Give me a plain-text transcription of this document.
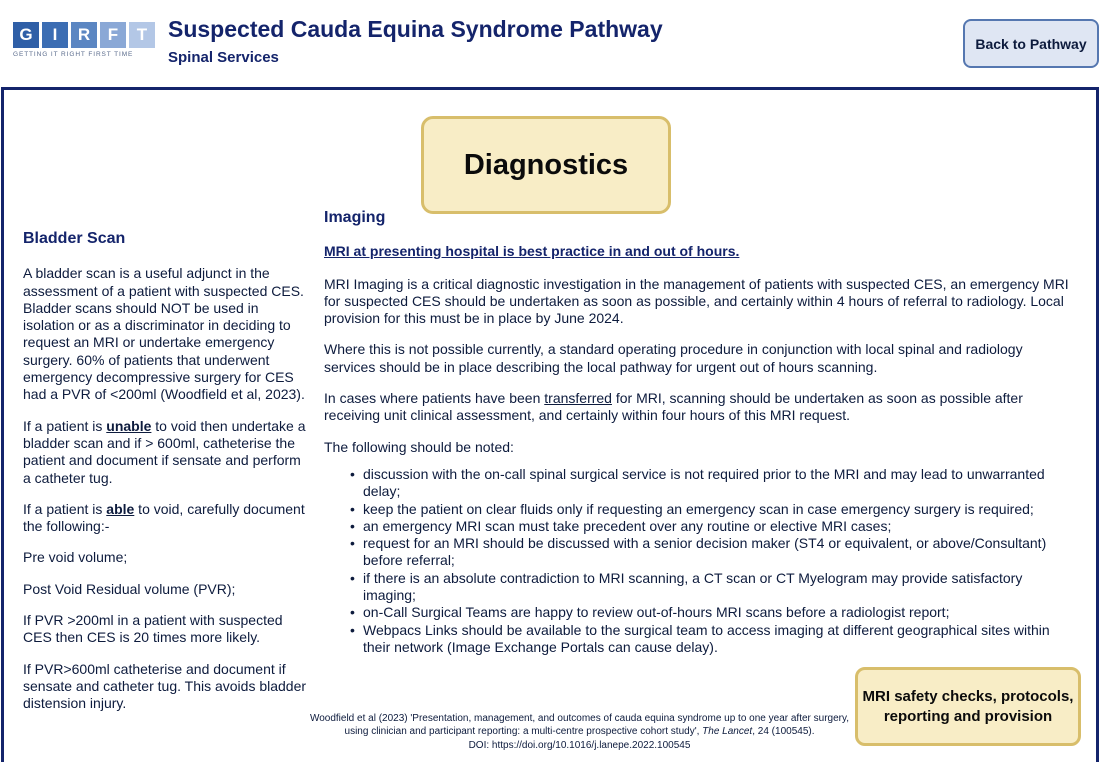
G	I	R	F	T
GETTING IT RIGHT FIRST TIME
Suspected Cauda Equina Syndrome Pathway
Spinal Services
Back to Pathway
Diagnostics
Bladder Scan

A bladder scan is a useful adjunct in the assessment of a patient with suspected CES. Bladder scans should NOT be used in isolation or as a discriminator in deciding to request an MRI or undertake emergency surgery. 60% of patients that underwent emergency decompressive surgery for CES had a PVR of <200ml (Woodfield et al, 2023).

If a patient is unable to void then undertake a bladder scan and if > 600ml, catheterise the patient and document if sensate and perform a catheter tug.

If a patient is able to void, carefully document the following:-

Pre void volume;

Post Void Residual volume (PVR);

If PVR >200ml in a patient with suspected CES then CES is 20 times more likely.

If PVR>600ml catheterise and document if sensate and catheter tug. This avoids bladder distension injury.

Imaging
MRI at presenting hospital is best practice in and out of hours.

MRI Imaging is a critical diagnostic investigation in the management of patients with suspected CES, an emergency MRI for suspected CES should be undertaken as soon as possible, and certainly within 4 hours of referral to radiology. Local provision for this must be in place by June 2024.

Where this is not possible currently, a standard operating procedure in conjunction with local spinal and radiology services should be in place describing the local pathway for urgent out of hours scanning.

In cases where patients have been transferred for MRI, scanning should be undertaken as soon as possible after receiving unit clinical assessment, and certainly within four hours of this MRI request.

The following should be noted:

• discussion with the on-call spinal surgical service is not required prior to the MRI and may lead to unwarranted delay;
• keep the patient on clear fluids only if requesting an emergency scan in case emergency surgery is required;
• an emergency MRI scan must take precedent over any routine or elective MRI cases;
• request for an MRI should be discussed with a senior decision maker (ST4 or equivalent, or above/Consultant) before referral;
• if there is an absolute contradiction to MRI scanning, a CT scan or CT Myelogram may provide satisfactory imaging;
• on-Call Surgical Teams are happy to review out-of-hours MRI scans before a radiologist report;
• Webpacs Links should be available to the surgical team to access imaging at different geographical sites within their network (Image Exchange Portals can cause delay).
Woodfield et al (2023) 'Presentation, management, and outcomes of cauda equina syndrome up to one year after surgery, using clinician and participant reporting: a multi-centre prospective cohort study', The Lancet, 24 (100545).
DOI: https://doi.org/10.1016/j.lanepe.2022.100545
MRI safety checks, protocols, reporting and provision
